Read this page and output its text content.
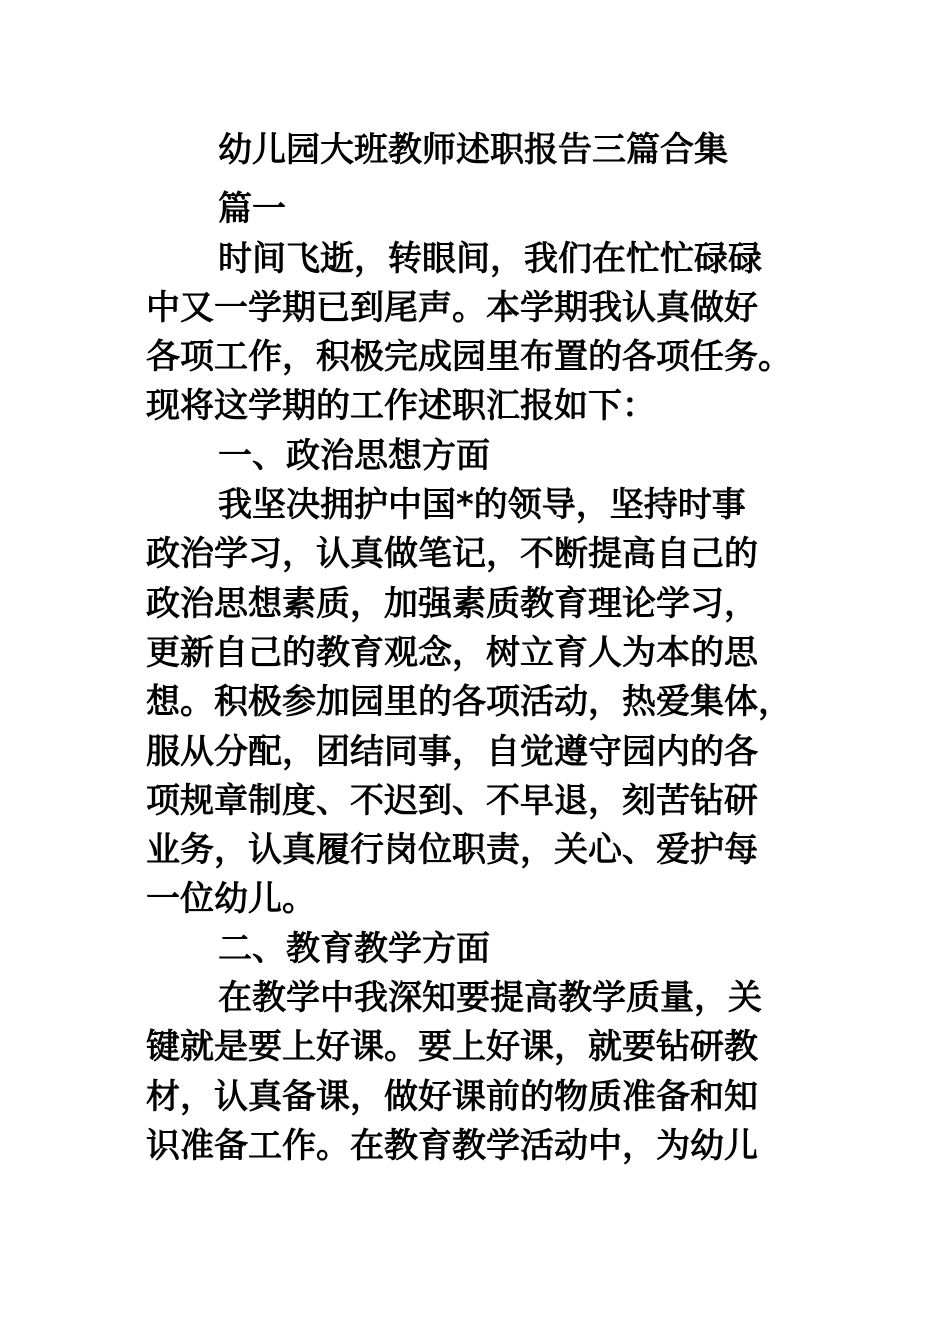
幼儿园大班教师述职报告三篇合集
篇一
时间飞逝，转眼间，我们在忙忙碌碌
中又一学期已到尾声。本学期我认真做好
各项工作，积极完成园里布置的各项任务。
现将这学期的工作述职汇报如下：
一、政治思想方面
我坚决拥护中国*的领导，坚持时事
政治学习，认真做笔记，不断提高自己的
政治思想素质，加强素质教育理论学习，
更新自己的教育观念，树立育人为本的思
想。积极参加园里的各项活动，热爱集体，
服从分配，团结同事，自觉遵守园内的各
项规章制度、不迟到、不早退，刻苦钻研
业务，认真履行岗位职责，关心、爱护每
一位幼儿。
二、教育教学方面
在教学中我深知要提高教学质量，关
键就是要上好课。要上好课，就要钻研教
材，认真备课，做好课前的物质准备和知
识准备工作。在教育教学活动中，为幼儿
